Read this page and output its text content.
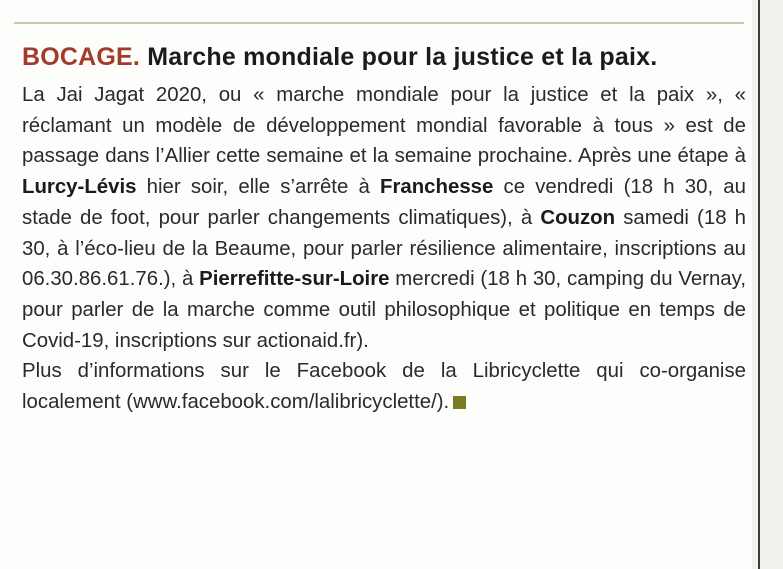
BOCAGE. Marche mondiale pour la justice et la paix.

La Jai Jagat 2020, ou « marche mondiale pour la justice et la paix », « réclamant un modèle de développement mondial favorable à tous » est de passage dans l’Allier cette semaine et la semaine prochaine. Après une étape à Lurcy-Lévis hier soir, elle s’arrête à Franchesse ce vendredi (18 h 30, au stade de foot, pour parler changements climatiques), à Couzon samedi (18 h 30, à l’éco-lieu de la Beaume, pour parler résilience alimentaire, inscriptions au 06.30.86.61.76.), à Pierrefitte-sur-Loire mercredi (18 h 30, camping du Vernay, pour parler de la marche comme outil philosophique et politique en temps de Covid-19, inscriptions sur actionaid.fr).

Plus d’informations sur le Facebook de la Libricyclette qui co-organise localement (www.facebook.com/lalibricyclette/).
